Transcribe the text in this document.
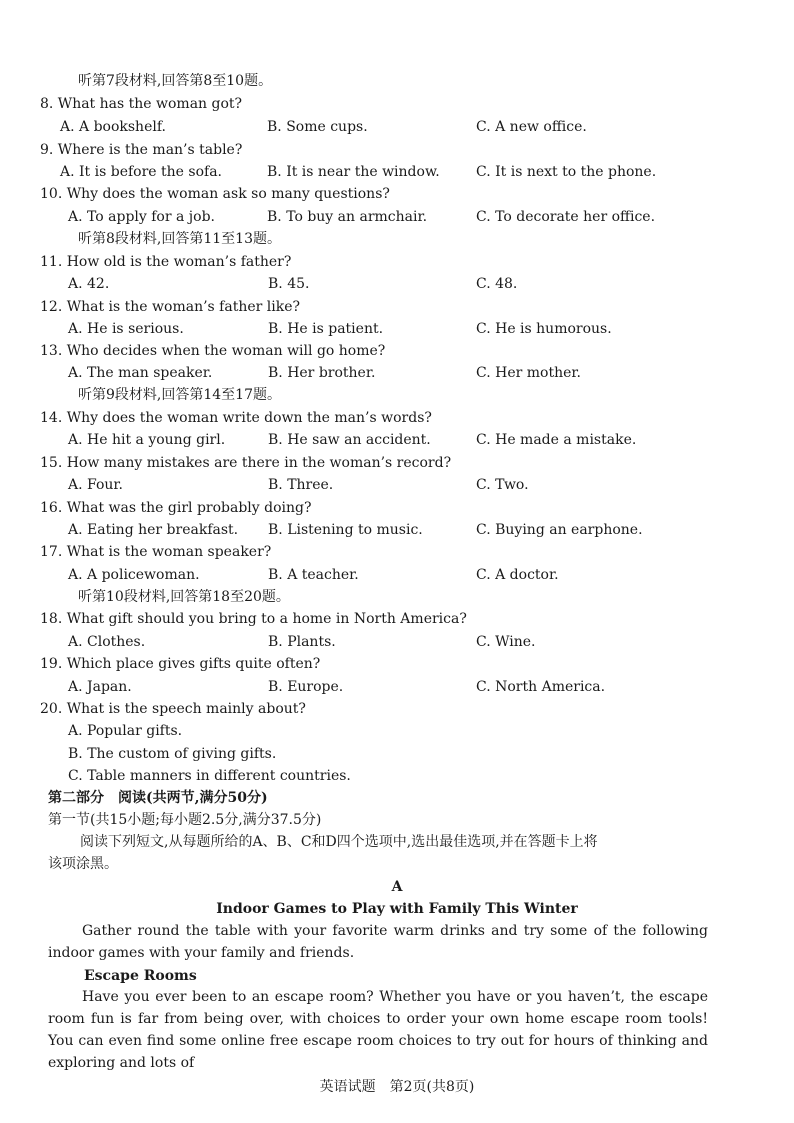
听第7段材料,回答第8至10题。
8. What has the woman got?
A. A bookshelf.	B. Some cups.	C. A new office.
9. Where is the man’s table?
A. It is before the sofa.	B. It is near the window.	C. It is next to the phone.
10. Why does the woman ask so many questions?
A. To apply for a job.	B. To buy an armchair.	C. To decorate her office.
听第8段材料,回答第11至13题。
11. How old is the woman’s father?
A. 42.	B. 45.	C. 48.
12. What is the woman’s father like?
A. He is serious.	B. He is patient.	C. He is humorous.
13. Who decides when the woman will go home?
A. The man speaker.	B. Her brother.	C. Her mother.
听第9段材料,回答第14至17题。
14. Why does the woman write down the man’s words?
A. He hit a young girl.	B. He saw an accident.	C. He made a mistake.
15. How many mistakes are there in the woman’s record?
A. Four.	B. Three.	C. Two.
16. What was the girl probably doing?
A. Eating her breakfast. B. Listening to music.	C. Buying an earphone.
17. What is the woman speaker?
A. A policewoman.	B. A teacher.	C. A doctor.
听第10段材料,回答第18至20题。
18. What gift should you bring to a home in North America?
A. Clothes.	B. Plants.	C. Wine.
19. Which place gives gifts quite often?
A. Japan.	B. Europe.	C. North America.
20. What is the speech mainly about?
A. Popular gifts.
B. The custom of giving gifts.
C. Table manners in different countries.
第二部分　阅读(共两节,满分50分)
第一节(共15小题;每小题2.5分,满分37.5分)
阅读下列短文,从每题所给的A、B、C和D四个选项中,选出最佳选项,并在答题卡上将
该项涂黑。
A
Indoor Games to Play with Family This Winter
Gather round the table with your favorite warm drinks and try some of the following indoor games with your family and friends.
Escape Rooms
Have you ever been to an escape room? Whether you have or you haven’t, the escape room fun is far from being over, with choices to order your own home escape room tools! You can even find some online free escape room choices to try out for hours of thinking and exploring and lots of
英语试题　第2页(共8页)
